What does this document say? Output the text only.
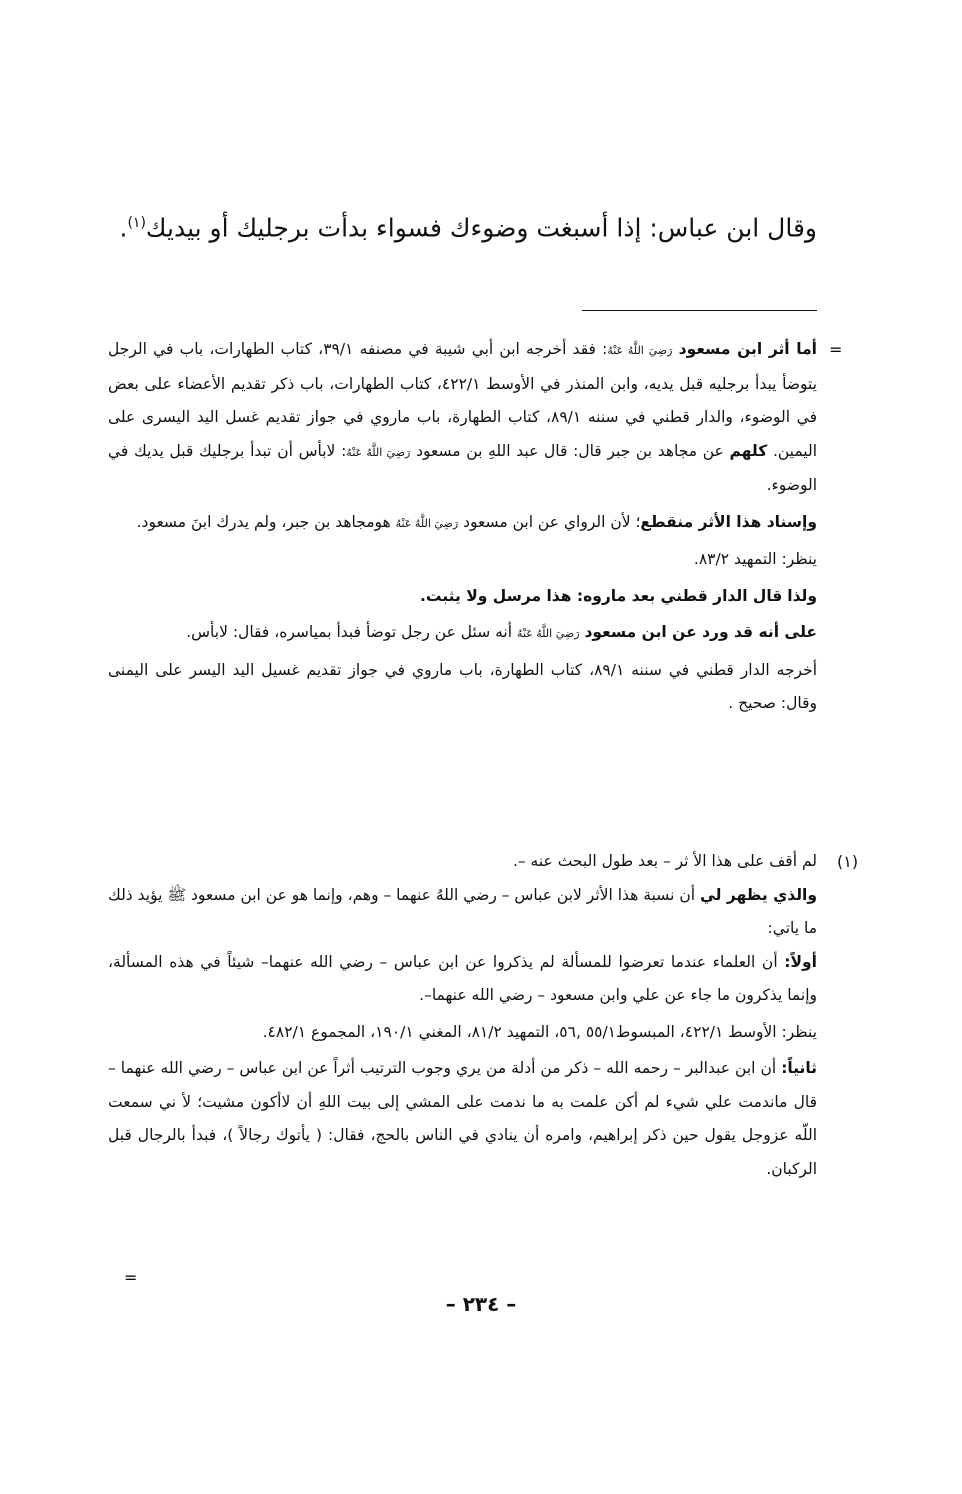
وقال ابن عباس: إذا أسبغت وضوءك فسواء بدأت برجليك أو بيديك$^{(١)}$.
=

أما أثر ابن مسعود رَضِيَ اللَّهُ عَنْهُ: فقد أخرجه ابن أبي شيبة في مصنفه ٣٩/١، كتاب الطهارات، باب في الرجل يتوضأ يبدأ برجليه قبل يديه، وابن المنذر في الأوسط ٤٢٢/١، كتاب الطهارات، باب ذكر تقديم الأعضاء على بعض في الوضوء، والدار قطني في سننه ٨٩/١، كتاب الطهارة، باب ماروي في جواز تقديم غسل اليد اليسرى على اليمين. كلهم عن مجاهد بن جبر قال: قال عبد اللهِ بن مسعود رَضِيَ اللَّهُ عَنْهُ: لابأس أن تبدأ برجليك قبل يديك في الوضوء.

وإسناد هذا الأثر منقطع؛ لأن الرواي عن ابن مسعود رَضِيَ اللَّهُ عَنْهُ هومجاهد بن جبر، ولم يدرك ابنَ مسعود.

ينظر: التمهيد ٨٣/٢.

ولذا قال الدار قطني بعد ماروه: هذا مرسل ولا يثبت.

على أنه قد ورد عن ابن مسعود رَضِيَ اللَّهُ عَنْهُ أنه سئل عن رجل توضأ فبدأ بمياسره، فقال: لابأس.

أخرجه الدار قطني في سننه ٨٩/١، كتاب الطهارة، باب ماروي في جواز تقديم غسيل اليد اليسر على اليمنى وقال: صحيح .

(١)

لم أقف على هذا الأ ثر – بعد طول البحث عنه –.

والذي يظهر لي أن نسبة هذا الأثر لابن عباس – رضي اللهُ عنهما – وهم، وإنما هو عن ابن مسعود ﷺ يؤيد ذلك ما ياتي:

أولاً: أن العلماء عندما تعرضوا للمسألة لم يذكروا عن ابن عباس – رضي الله عنهما– شيئاً في هذه المسألة، وإنما يذكرون ما جاء عن علي وابن مسعود – رضي الله عنهما–.

ينظر: الأوسط ٤٢٢/١، المبسوط٥٥/١ ,٥٦، التمهيد ٨١/٢، المغني ١٩٠/١، المجموع ٤٨٢/١.

ثانياً: أن ابن عبدالبر – رحمه الله – ذكر من أدلة من يري وجوب الترتيب أثراً عن ابن عباس – رضي الله عنهما – قال ماندمت علي شيء لم أكن علمت به ما ندمت على المشي إلى بيت اللهِ أن لاأكون مشيت؛ لأ ني سمعت اللّه عزوجل يقول حين ذكر إبراهيم، وامره أن ينادي في الناس بالحج، فقال: ( يأتوك رجالاً )، فبدأ بالرجال قبل الركبان.

=
– ٢٣٤ –
